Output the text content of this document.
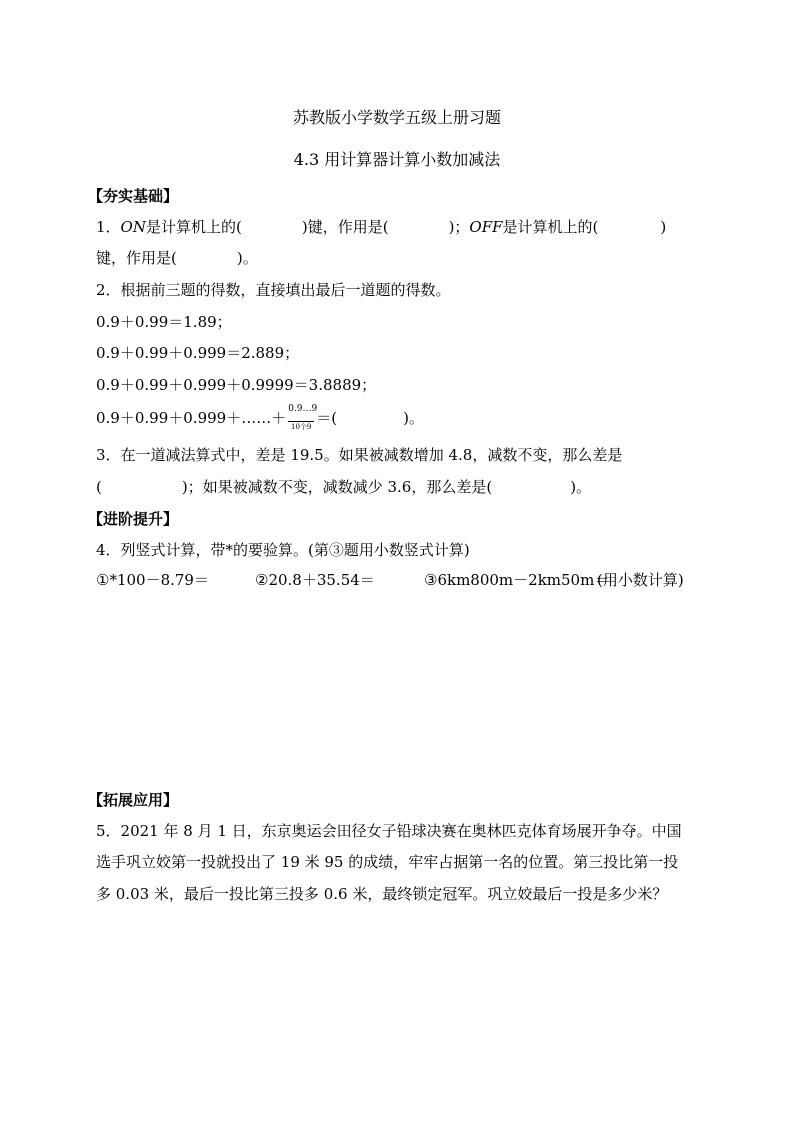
苏教版小学数学五级上册习题
4.3 用计算器计算小数加减法
【夯实基础】
1．ON是计算机上的(	)键，作用是(	)；OFF是计算机上的(	)
键，作用是(	)。
2．根据前三题的得数，直接填出最后一道题的得数。
0.9＋0.99＝1.89；
0.9＋0.99＋0.999＝2.889；
0.9＋0.99＋0.999＋0.9999＝3.8889；
0.9＋0.99＋0.999＋……＋ $\frac{0.9\dots 9}{\text{10个9}}$ ＝(	)。
3．在一道减法算式中，差是 19.5。如果被减数增加 4.8，减数不变，那么差是
(	)；如果被减数不变，减数减少 3.6，那么差是(	)。
【进阶提升】
4．列竖式计算，带*的要验算。(第③题用小数竖式计算)
①*100－8.79＝	②20.8＋35.54＝	③6km800m－2km50m＝
(用小数计算)
【拓展应用】
5．2021 年 8 月 1 日，东京奥运会田径女子铅球决赛在奥林匹克体育场展开争夺。中国
选手巩立姣第一投就投出了 19 米 95 的成绩，牢牢占据第一名的位置。第三投比第一投
多 0.03 米，最后一投比第三投多 0.6 米，最终锁定冠军。巩立姣最后一投是多少米？
